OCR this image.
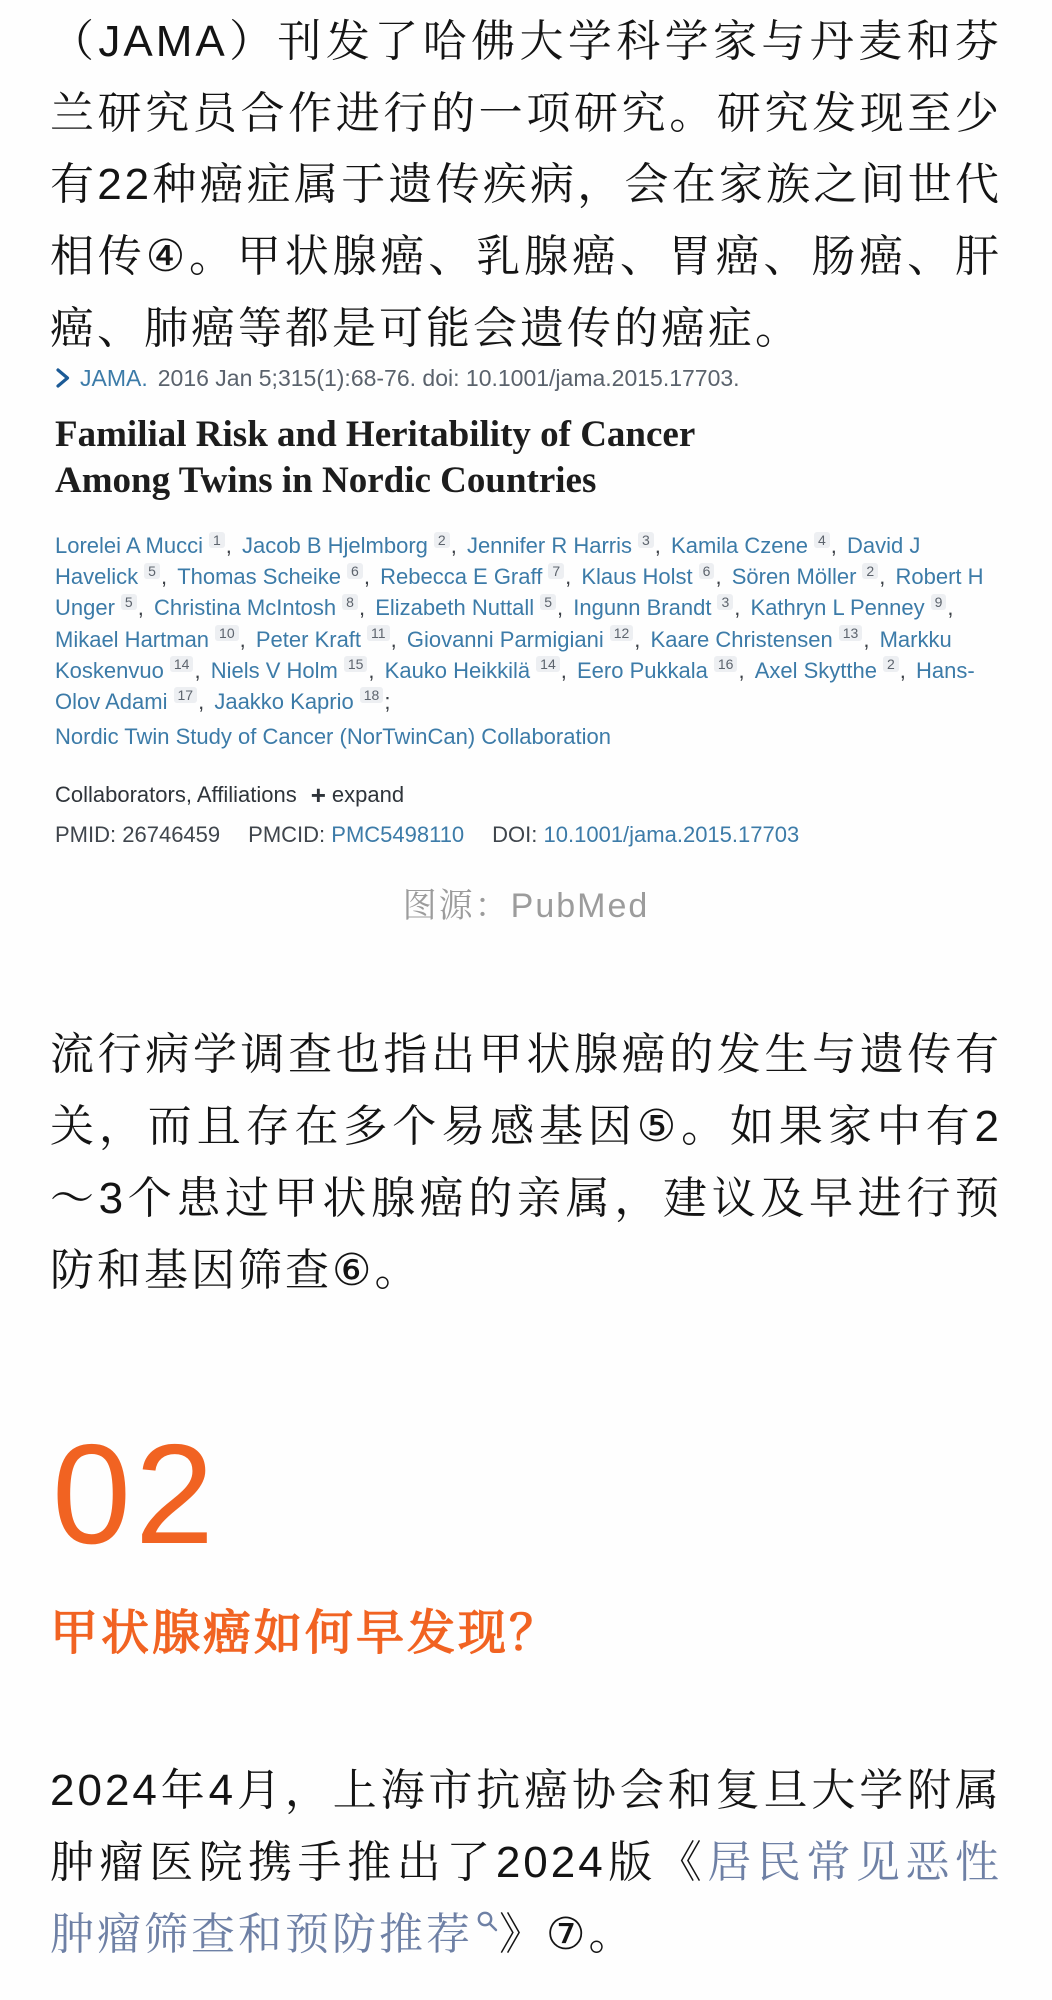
（JAMA）刊发了哈佛大学科学家与丹麦和芬兰研究员合作进行的一项研究。研究发现至少有22种癌症属于遗传疾病，会在家族之间世代相传④。甲状腺癌、乳腺癌、胃癌、肠癌、肝癌、肺癌等都是可能会遗传的癌症。

JAMA. 2016 Jan 5;315(1):68-76. doi: 10.1001/jama.2015.17703.
Familial Risk and Heritability of Cancer Among Twins in Nordic Countries
Lorelei A Mucci $^1$ , Jacob B Hjelmborg $^2$ , Jennifer R Harris $^3$ , Kamila Czene $^4$ , David J Havelick $^5$ , Thomas Scheike $^6$ , Rebecca E Graff $^7$ , Klaus Holst $^6$ , Sören Möller $^2$ , Robert H Unger $^5$ , Christina McIntosh $^8$ , Elizabeth Nuttall $^5$ , Ingunn Brandt $^3$ , Kathryn L Penney $^9$ , Mikael Hartman $^{10}$ , Peter Kraft $^{11}$ , Giovanni Parmigiani $^{12}$ , Kaare Christensen $^{13}$ , Markku Koskenvuo $^{14}$ , Niels V Holm $^{15}$ , Kauko Heikkilä $^{14}$ , Eero Pukkala $^{16}$ , Axel Skytthe $^2$ , Hans-Olov Adami $^{17}$ , Jaakko Kaprio $^{18}$ ;
Nordic Twin Study of Cancer (NorTwinCan) Collaboration
Collaborators, Affiliations + expand
PMID: 26746459 PMCID: PMC5498110 DOI: 10.1001/jama.2015.17703
图源：PubMed

流行病学调查也指出甲状腺癌的发生与遗传有关，而且存在多个易感基因⑤。如果家中有2～3个患过甲状腺癌的亲属，建议及早进行预防和基因筛查⑥。

02
甲状腺癌如何早发现？

2024年4月，上海市抗癌协会和复旦大学附属肿瘤医院携手推出了2024版《居民常见恶性肿瘤筛查和预防推荐 》⑦。
